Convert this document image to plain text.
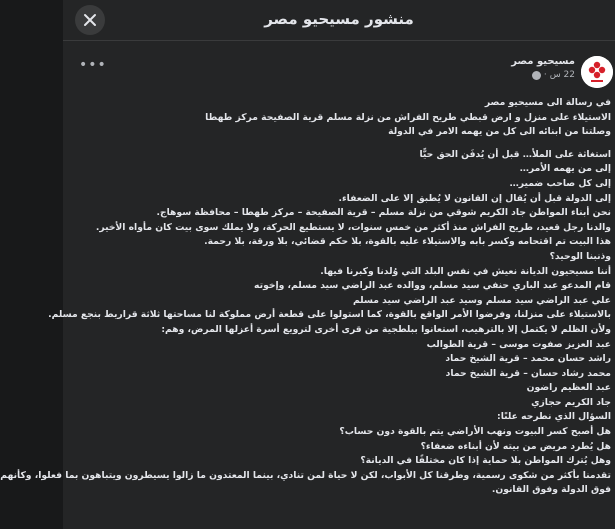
منشور مسيحيو مصر
مسيحيو مصر
22 س
·
•••

في رسالة الى مسيحيو مصر

الاستيلاء على منزل و ارض قبطي طريح الفراش من نزلة مسلم قرية الصفيحة مركز طهطا

وصلتنا من ابنائه الى كل من يهمه الامر في الدولة

استغاثة على الملأ… قبل أن يُدفَن الحق حيًّا

إلى من يهمه الأمر…

إلى كل صاحب ضمير…

إلى الدولة قبل أن يُقال إن القانون لا يُطبق إلا على الضعفاء.

نحن أبناء المواطن جاد الكريم شوقي من نزلة مسلم – قرية الصفيحة – مركز طهطا – محافظة سوهاج.

والدنا رجل قعيد، طريح الفراش منذ أكثر من خمس سنوات، لا يستطيع الحركة، ولا يملك سوى بيت كان مأواه الأخير.

هذا البيت تم اقتحامه وكسر بابه والاستيلاء عليه بالقوة، بلا حكم قضائي، بلا ورقة، بلا رحمة.

وذنبنا الوحيد؟

أننا مسيحيون الديانة نعيش في نفس البلد التي وُلدنا وكبرنا فيها.

قام المدعو عبد الباري حنفي سيد مسلم، ووالده عبد الراضي سيد مسلم، وإخوته

علي عبد الراضي سيد مسلم وسيد عبد الراضي سيد مسلم

بالاستيلاء على منزلنا، وفرضوا الأمر الواقع بالقوة، كما استولوا على قطعة أرض مملوكة لنا مساحتها ثلاثة قراريط بنجع مسلم.

ولأن الظلم لا يكتمل إلا بالترهيب، استعانوا ببلطجية من قرى أخرى لترويع أسرة أعزلها المرض، وهم:

عبد العزيز صفوت موسى – قرية الطوالب

راشد حسان محمد – قرية الشيخ حماد

محمد رشاد حسان – قرية الشيخ حماد

عبد العظيم راضون

جاد الكريم حجازي

السؤال الذي نطرحه علنًا:

هل أصبح كسر البيوت ونهب الأراضي يتم بالقوة دون حساب؟

هل يُطرد مريض من بيته لأن أبناءه ضعفاء؟

وهل يُترك المواطن بلا حماية إذا كان مختلفًا في الديانة؟

تقدمنا بأكثر من شكوى رسمية، وطرقنا كل الأبواب، لكن لا حياة لمن تنادي، بينما المعتدون ما زالوا يسيطرون ويتباهون بما فعلوا، وكأنهم

فوق الدولة وفوق القانون.
